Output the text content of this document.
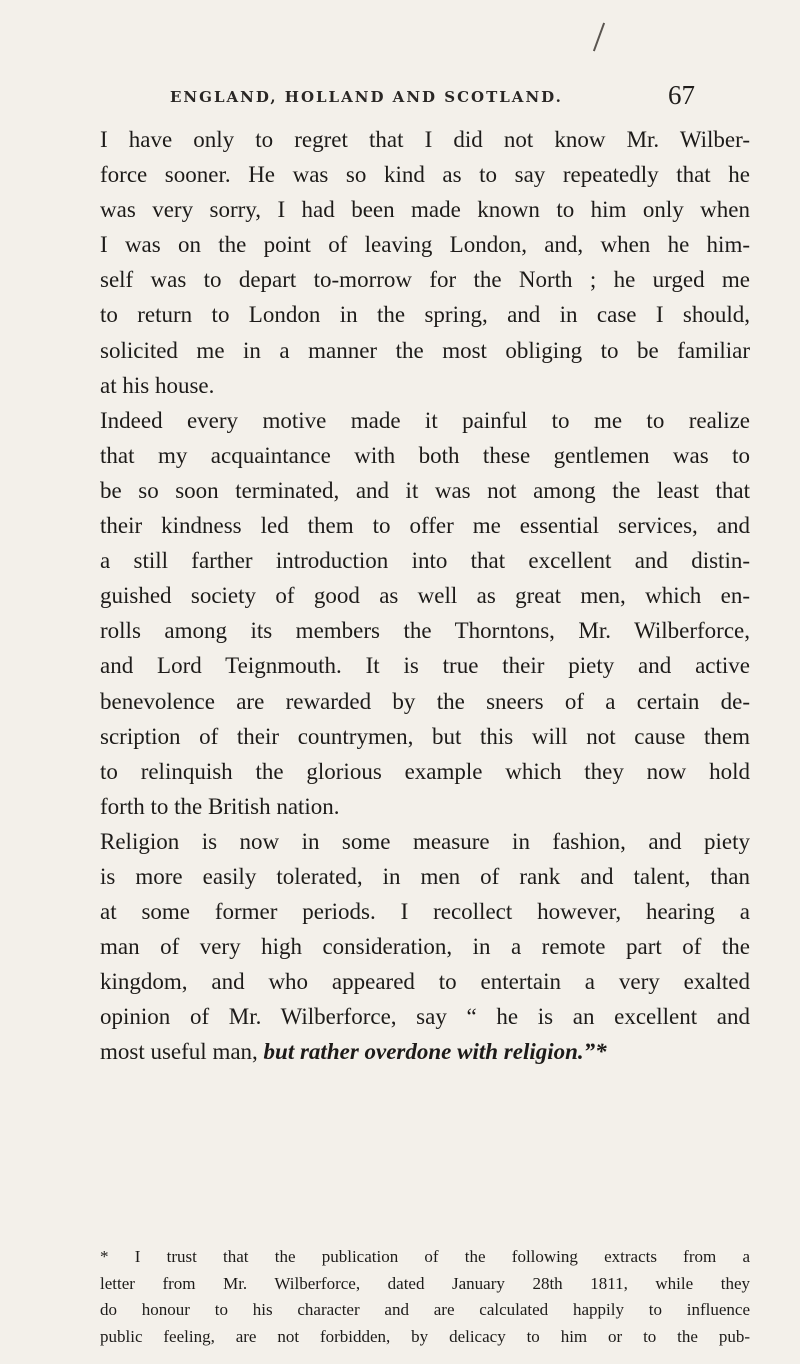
ENGLAND, HOLLAND AND SCOTLAND.	67
I have only to regret that I did not know Mr. Wilber-
force sooner. He was so kind as to say repeatedly that he
was very sorry, I had been made known to him only when
I was on the point of leaving London, and, when he him-
self was to depart to-morrow for the North ; he urged me
to return to London in the spring, and in case I should,
solicited me in a manner the most obliging to be familiar
at his house.
Indeed every motive made it painful to me to realize
that my acquaintance with both these gentlemen was to
be so soon terminated, and it was not among the least that
their kindness led them to offer me essential services, and
a still farther introduction into that excellent and distin-
guished society of good as well as great men, which en-
rolls among its members the Thorntons, Mr. Wilberforce,
and Lord Teignmouth. It is true their piety and active
benevolence are rewarded by the sneers of a certain de-
scription of their countrymen, but this will not cause them
to relinquish the glorious example which they now hold
forth to the British nation.
Religion is now in some measure in fashion, and piety
is more easily tolerated, in men of rank and talent, than
at some former periods. I recollect however, hearing a
man of very high consideration, in a remote part of the
kingdom, and who appeared to entertain a very exalted
opinion of Mr. Wilberforce, say “ he is an excellent and
most useful man, but rather overdone with religion.”*
* I trust that the publication of the following extracts from a
letter from Mr. Wilberforce, dated January 28th 1811, while they
do honour to his character and are calculated happily to influence
public feeling, are not forbidden, by delicacy to him or to the pub-
